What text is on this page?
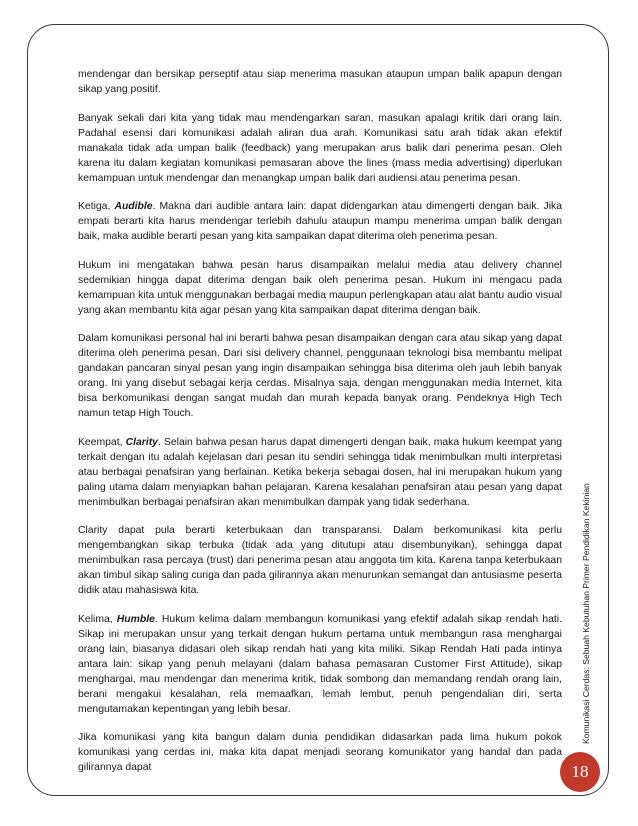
mendengar dan bersikap perseptif atau siap menerima masukan ataupun umpan balik apapun dengan sikap yang positif.

Banyak sekali dari kita yang tidak mau mendengarkan saran, masukan apalagi kritik dari orang lain. Padahal esensi dari komunikasi adalah aliran dua arah. Komunikasi satu arah tidak akan efektif manakala tidak ada umpan balik (feedback) yang merupakan arus balik dari penerima pesan. Oleh karena itu dalam kegiatan komunikasi pemasaran above the lines (mass media advertising) diperlukan kemampuan untuk mendengar dan menangkap umpan balik dari audiensi atau penerima pesan.

Ketiga, Audible. Makna dari audible antara lain: dapat didengarkan atau dimengerti dengan baik. Jika empati berarti kita harus mendengar terlebih dahulu ataupun mampu menerima umpan balik dengan baik, maka audible berarti pesan yang kita sampaikan dapat diterima oleh penerima pesan.

Hukum ini mengatakan bahwa pesan harus disampaikan melalui media atau delivery channel sedemikian hingga dapat diterima dengan baik oleh penerima pesan. Hukum ini mengacu pada kemampuan kita untuk menggunakan berbagai media maupun perlengkapan atau alat bantu audio visual yang akan membantu kita agar pesan yang kita sampaikan dapat diterima dengan baik.

Dalam komunikasi personal hal ini berarti bahwa pesan disampaikan dengan cara atau sikap yang dapat diterima oleh penerima pesan. Dari sisi delivery channel, penggunaan teknologi bisa membantu melipat gandakan pancaran sinyal pesan yang ingin disampaikan sehingga bisa diterima oleh jauh lebih banyak orang. Ini yang disebut sebagai kerja cerdas. Misalnya saja, dengan menggunakan media Internet, kita bisa berkomunikasi dengan sangat mudah dan murah kepada banyak orang. Pendeknya High Tech namun tetap High Touch.

Keempat, Clarity. Selain bahwa pesan harus dapat dimengerti dengan baik, maka hukum keempat yang terkait dengan itu adalah kejelasan dari pesan itu sendiri sehingga tidak menimbulkan multi interpretasi atau berbagai penafsiran yang berlainan. Ketika bekerja sebagai dosen, hal ini merupakan hukum yang paling utama dalam menyiapkan bahan pelajaran. Karena kesalahan penafsiran atau pesan yang dapat menimbulkan berbagai penafsiran akan menimbulkan dampak yang tidak sederhana.

Clarity dapat pula berarti keterbukaan dan transparansi. Dalam berkomunikasi kita perlu mengembangkan sikap terbuka (tidak ada yang ditutupi atau disembunyikan), sehingga dapat menimbulkan rasa percaya (trust) dari penerima pesan atau anggota tim kita. Karena tanpa keterbukaan akan timbul sikap saling curiga dan pada gilirannya akan menurunkan semangat dan antusiasme peserta didik atau mahasiswa kita.

Kelima, Humble. Hukum kelima dalam membangun komunikasi yang efektif adalah sikap rendah hati. Sikap ini merupakan unsur yang terkait dengan hukum pertama untuk membangun rasa menghargai orang lain, biasanya didasari oleh sikap rendah hati yang kita miliki. Sikap Rendah Hati pada intinya antara lain: sikap yang penuh melayani (dalam bahasa pemasaran Customer First Attitude), sikap menghargai, mau mendengar dan menerima kritik, tidak sombong dan memandang rendah orang lain, berani mengakui kesalahan, rela memaafkan, lemah lembut, penuh pengendalian diri, serta mengutamakan kepentingan yang lebih besar.

Jika komunikasi yang kita bangun dalam dunia pendidikan didasarkan pada lima hukum pokok komunikasi yang cerdas ini, maka kita dapat menjadi seorang komunikator yang handal dan pada gilirannya dapat

Komunikasi Cerdas: Sebuah Kebutuhan Primer Pendidikan Kekinian
18
